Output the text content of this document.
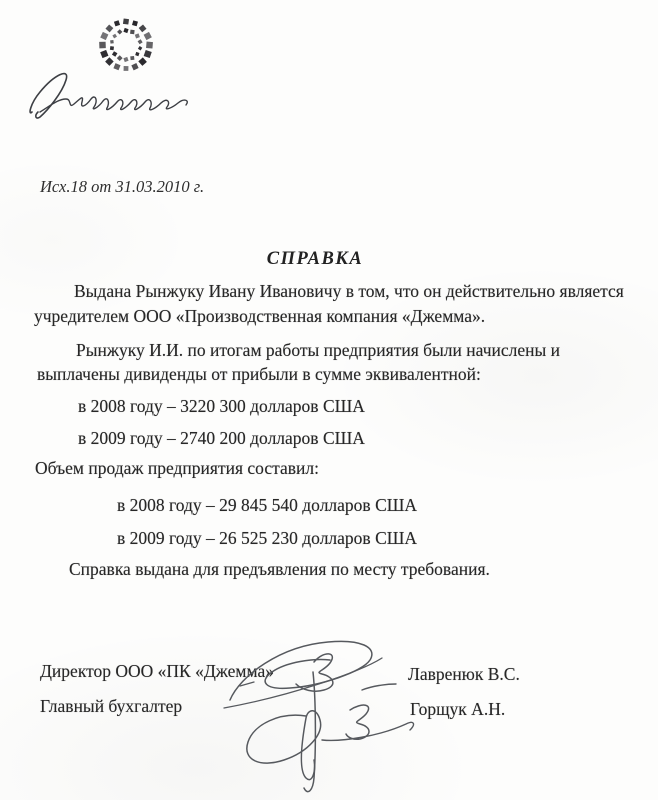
Исх.18 от 31.03.2010 г.
СПРАВКА
Выдана Рынжуку Ивану Ивановичу в том, что он действительно является
учредителем ООО «Производственная компания «Джемма».
Рынжуку И.И. по итогам работы предприятия были начислены и
выплачены дивиденды от прибыли в сумме эквивалентной:
в 2008 году – 3220 300 долларов США
в 2009 году – 2740 200 долларов США
Объем продаж предприятия составил:
в 2008 году – 29 845 540 долларов США
в 2009 году – 26 525 230 долларов США
Справка выдана для предъявления по месту требования.
Директор ООО «ПК «Джемма»	Лавренюк В.С.
Главный бухгалтер	Горщук А.Н.
